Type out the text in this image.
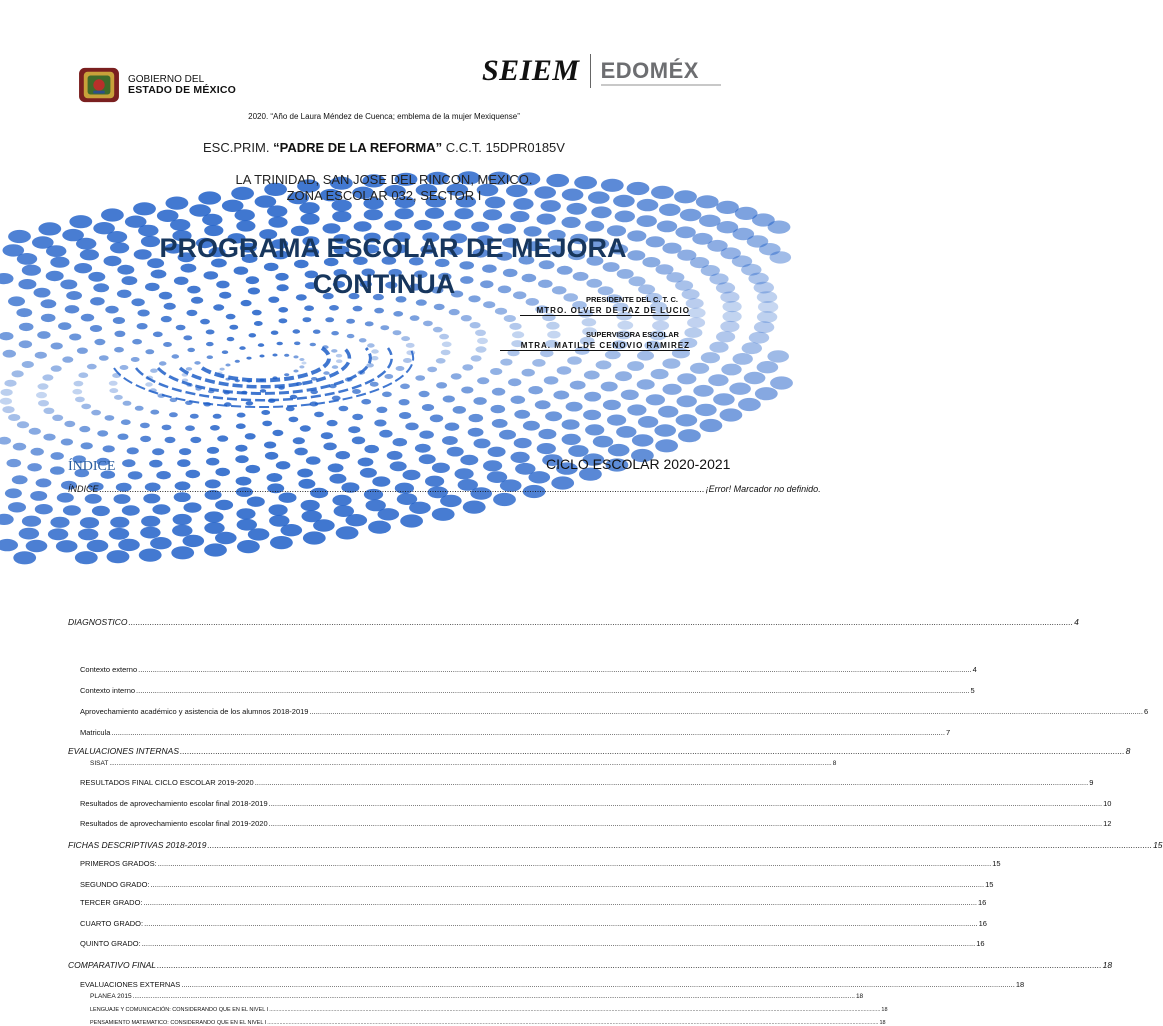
GOBIERNO DEL
ESTADO DE MÉXICO
SEIEM EDOMÉX
2020. “Año de Laura Méndez de Cuenca; emblema de la mujer Mexiquense”
ESC.PRIM. “PADRE DE LA REFORMA” C.C.T. 15DPR0185V
LA TRINIDAD, SAN JOSE DEL RINCON, MEXICO.
ZONA ESCOLAR 032, SECTOR I
PROGRAMA ESCOLAR DE MEJORA
CONTINUA
PRESIDENTE DEL C. T. C.
MTRO. OLVER DE PAZ DE LUCIO
SUPERVISORA ESCOLAR
MTRA. MATILDE CENOVIO RAMIREZ
ÍNDICE	CICLO ESCOLAR 2020-2021
ÍNDICE .................................................................................................................................................................................................................................................. ¡Error! Marcador no definido.
DIAGNOSTICO ................................................................................................................................................................................................................................................................................................................................................................................................................ 4
Contexto externo ................................................................................................................................................................................................................................................................................................................................................................................................................ 4
Contexto interno ................................................................................................................................................................................................................................................................................................................................................................................................................ 5
Aprovechamiento académico y asistencia de los alumnos 2018-2019 ................................................................................................................................................................................................................................................................................................................................................................................................................ 6
Matricula ................................................................................................................................................................................................................................................................................................................................................................................................................ 7
EVALUACIONES INTERNAS ................................................................................................................................................................................................................................................................................................................................................................................................................ 8
SISAT ................................................................................................................................................................................................................................................................................................................................................................................................................ 8
RESULTADOS FINAL CICLO ESCOLAR 2019-2020 ................................................................................................................................................................................................................................................................................................................................................................................................................ 9
Resultados de aprovechamiento escolar final 2018-2019 ................................................................................................................................................................................................................................................................................................................................................................................................................ 10
Resultados de aprovechamiento escolar final 2019-2020 ................................................................................................................................................................................................................................................................................................................................................................................................................ 12
FICHAS DESCRIPTIVAS 2018-2019 ................................................................................................................................................................................................................................................................................................................................................................................................................ 15
PRIMEROS GRADOS: ................................................................................................................................................................................................................................................................................................................................................................................................................ 15
SEGUNDO GRADO: ................................................................................................................................................................................................................................................................................................................................................................................................................ 15
TERCER GRADO: ................................................................................................................................................................................................................................................................................................................................................................................................................ 16
CUARTO GRADO: ................................................................................................................................................................................................................................................................................................................................................................................................................ 16
QUINTO GRADO: ................................................................................................................................................................................................................................................................................................................................................................................................................ 16
COMPARATIVO FINAL ................................................................................................................................................................................................................................................................................................................................................................................................................ 18
EVALUACIONES EXTERNAS ................................................................................................................................................................................................................................................................................................................................................................................................................ 18
PLANEA 2015 ................................................................................................................................................................................................................................................................................................................................................................................................................ 18
LENGUAJE Y COMUNICACIÓN: CONSIDERANDO QUE EN EL NIVEL I ................................................................................................................................................................................................................................................................................................................................................................................................................ 18
PENSAMIENTO MATEMATICO: CONSIDERANDO QUE EN EL NIVEL I ................................................................................................................................................................................................................................................................................................................................................................................................................ 18
